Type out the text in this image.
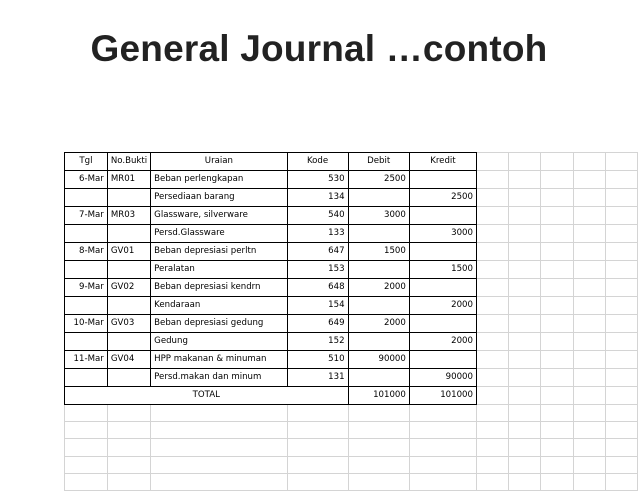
General Journal …contoh
Tgl	No.Bukti	Uraian	Kode	Debit	Kredit					
6-Mar	MR01	Beban perlengkapan	530	2500						
		Persediaan barang	134		2500					
7-Mar	MR03	Glassware, silverware	540	3000						
		Persd.Glassware	133		3000					
8-Mar	GV01	Beban depresiasi perltn	647	1500						
		Peralatan	153		1500					
9-Mar	GV02	Beban depresiasi kendrn	648	2000						
		Kendaraan	154		2000					
10-Mar	GV03	Beban depresiasi gedung	649	2000						
		Gedung	152		2000					
11-Mar	GV04	HPP makanan & minuman	510	90000						
		Persd.makan dan minum	131		90000					
TOTAL				101000	101000					
